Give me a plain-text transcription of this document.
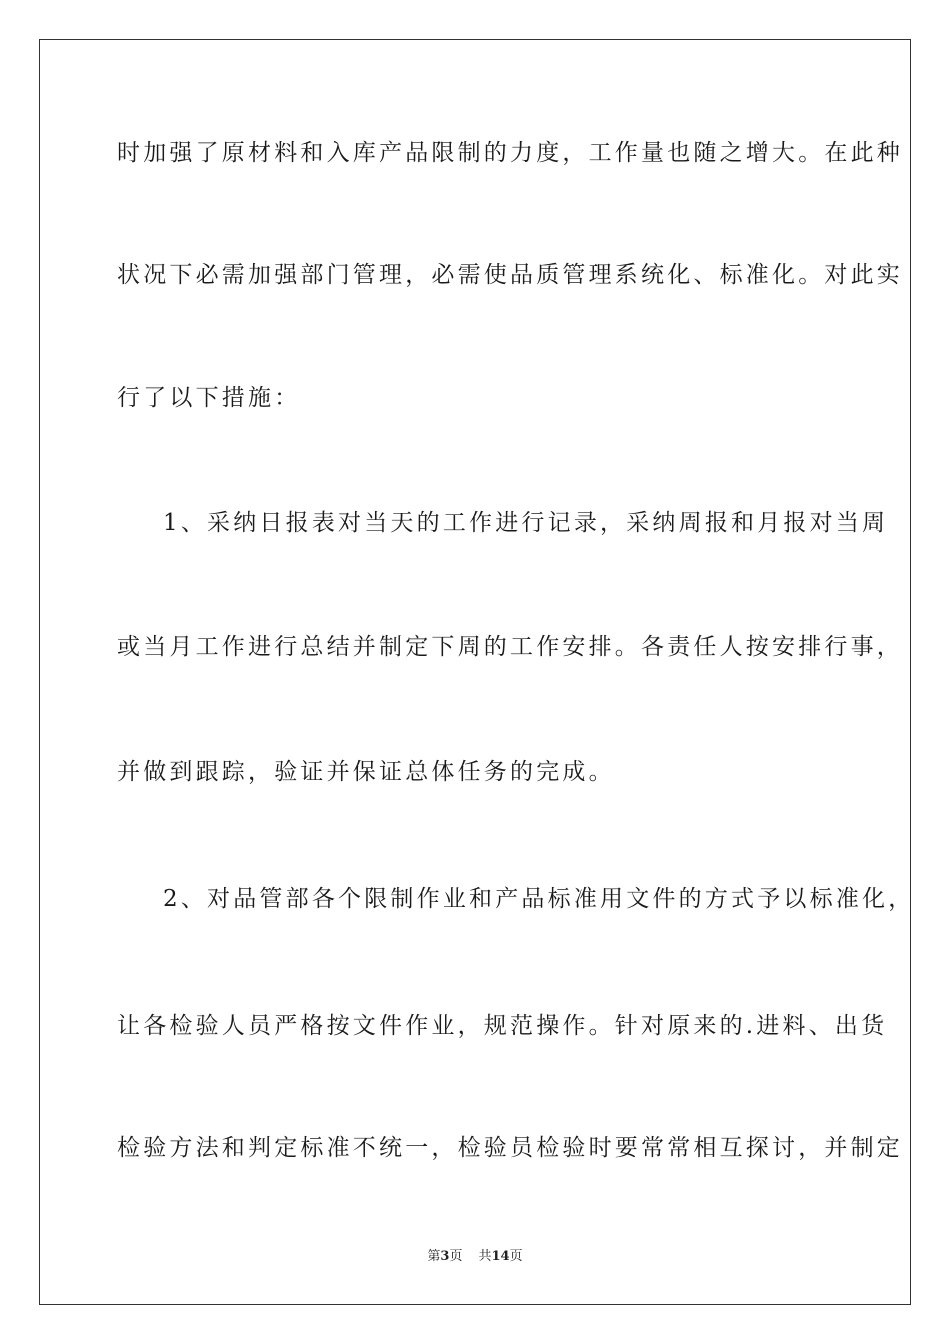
时加强了原材料和入库产品限制的力度，工作量也随之增大。在此种
状况下必需加强部门管理，必需使品质管理系统化、标准化。对此实
行了以下措施：
1、采纳日报表对当天的工作进行记录，采纳周报和月报对当周
或当月工作进行总结并制定下周的工作安排。各责任人按安排行事，
并做到跟踪，验证并保证总体任务的完成。
2、对品管部各个限制作业和产品标准用文件的方式予以标准化，
让各检验人员严格按文件作业，规范操作。针对原来的.进料、出货
检验方法和判定标准不统一，检验员检验时要常常相互探讨，并制定
第3页 共14页
